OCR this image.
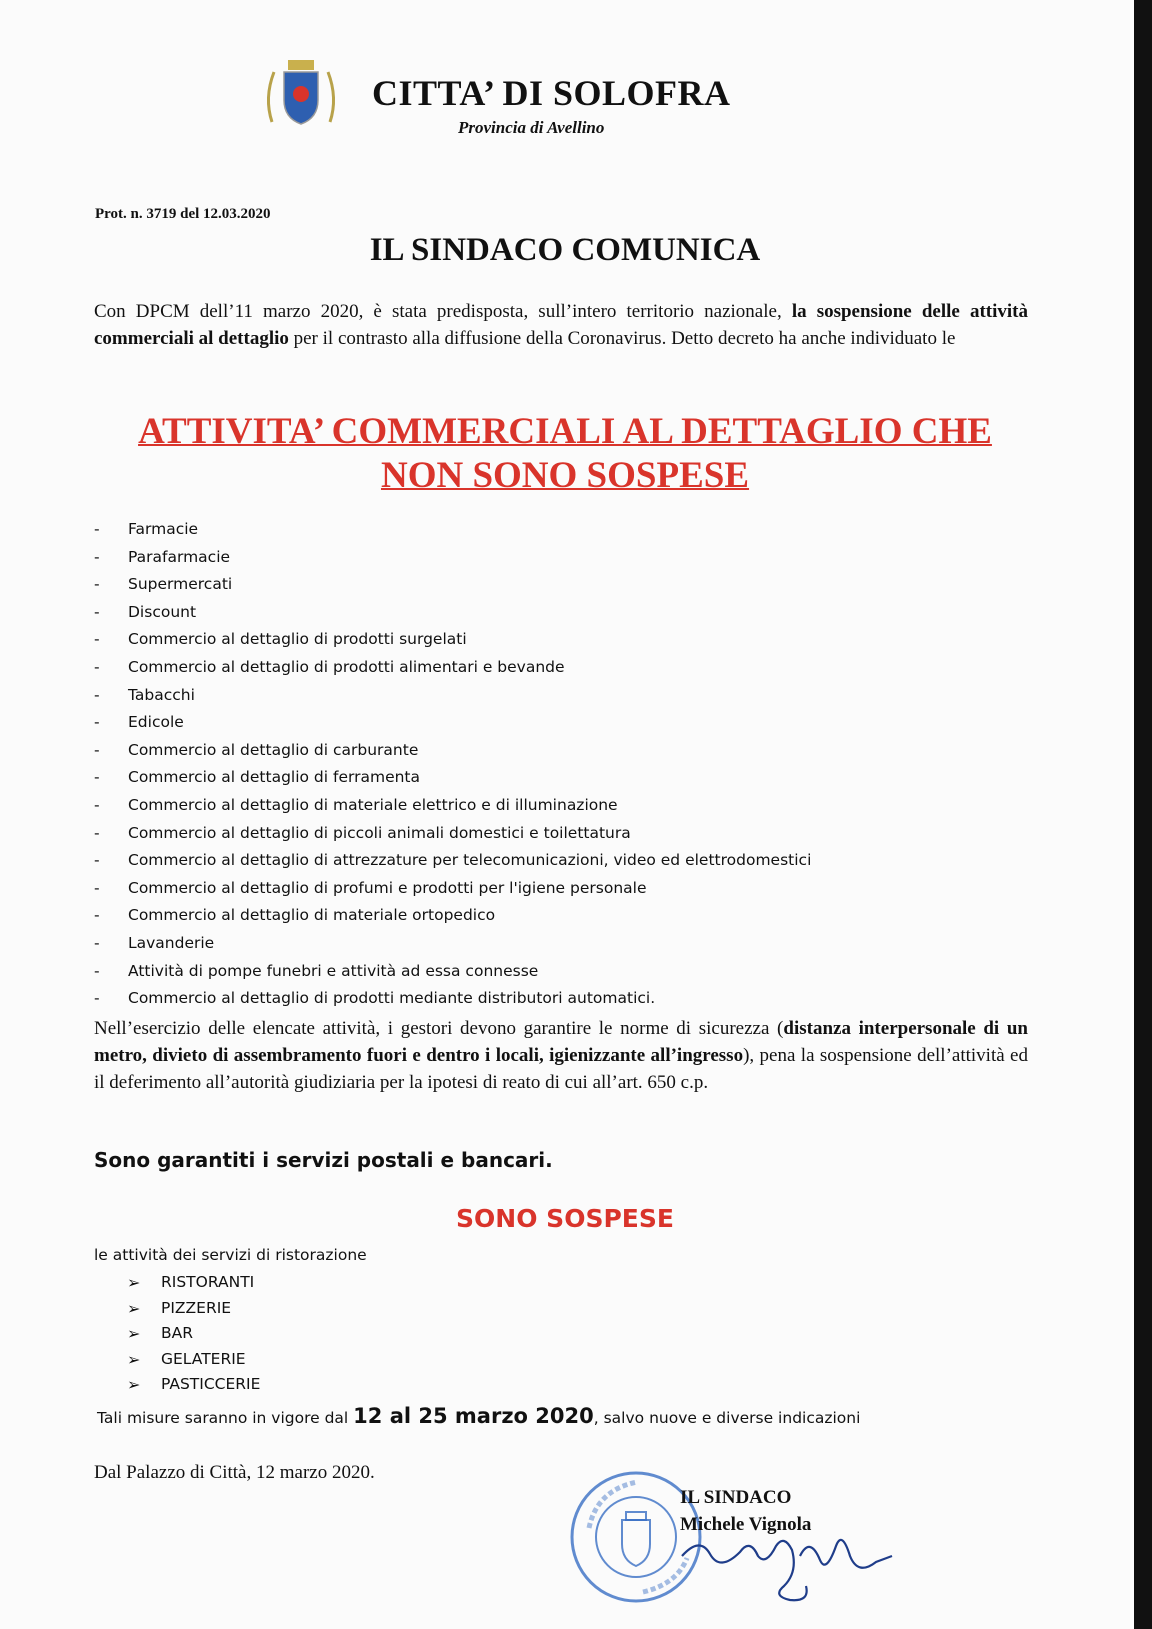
CITTA’ DI SOLOFRA
Provincia di Avellino
Prot. n. 3719 del 12.03.2020
IL SINDACO COMUNICA
Con DPCM dell’11 marzo 2020, è stata predisposta, sull’intero territorio nazionale, la sospensione delle attività commerciali al dettaglio per il contrasto alla diffusione della Coronavirus. Detto decreto ha anche individuato le
ATTIVITA’ COMMERCIALI AL DETTAGLIO CHE
NON SONO SOSPESE
- Farmacie
- Parafarmacie
- Supermercati
- Discount
- Commercio al dettaglio di prodotti surgelati
- Commercio al dettaglio di prodotti alimentari e bevande
- Tabacchi
- Edicole
- Commercio al dettaglio di carburante
- Commercio al dettaglio di ferramenta
- Commercio al dettaglio di materiale elettrico e di illuminazione
- Commercio al dettaglio di piccoli animali domestici e toilettatura
- Commercio al dettaglio di attrezzature per telecomunicazioni, video ed elettrodomestici
- Commercio al dettaglio di profumi e prodotti per l'igiene personale
- Commercio al dettaglio di materiale ortopedico
- Lavanderie
- Attività di pompe funebri e attività ad essa connesse
- Commercio al dettaglio di prodotti mediante distributori automatici.
Nell’esercizio delle elencate attività, i gestori devono garantire le norme di sicurezza (distanza interpersonale di un metro, divieto di assembramento fuori e dentro i locali, igienizzante all’ingresso), pena la sospensione dell’attività ed il deferimento all’autorità giudiziaria per la ipotesi di reato di cui all’art. 650 c.p.
Sono garantiti i servizi postali e bancari.
SONO SOSPESE
le attività dei servizi di ristorazione
➢ RISTORANTI
➢ PIZZERIE
➢ BAR
➢ GELATERIE
➢ PASTICCERIE
Tali misure saranno in vigore dal 12 al 25 marzo 2020, salvo nuove e diverse indicazioni
Dal Palazzo di Città, 12 marzo 2020.
IL SINDACO
Michele Vignola
